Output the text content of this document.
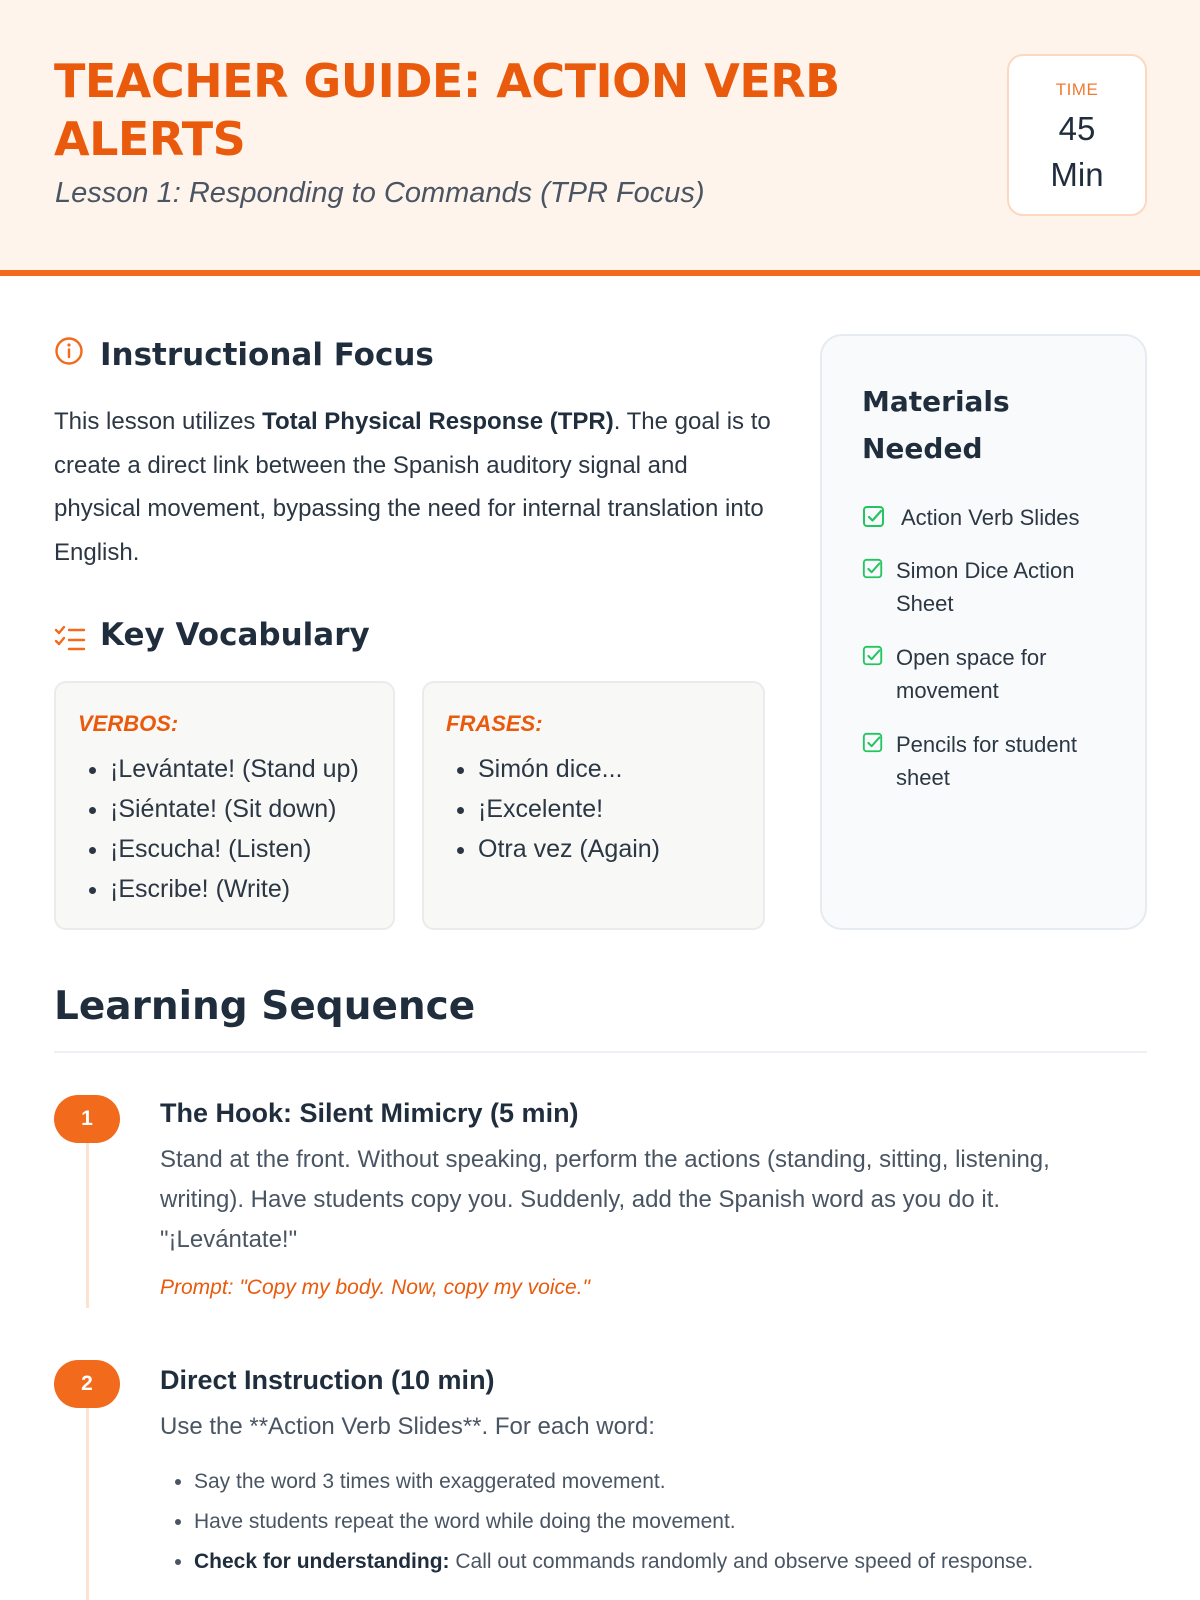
TEACHER GUIDE: ACTION VERB ALERTS

Lesson 1: Responding to Commands (TPR Focus)

TIME
45
Min
Instructional Focus

This lesson utilizes Total Physical Response (TPR). The goal is to create a direct link between the Spanish auditory signal and physical movement, bypassing the need for internal translation into English.

Key Vocabulary
VERBOS:
• ¡Levántate! (Stand up)
• ¡Siéntate! (Sit down)
• ¡Escucha! (Listen)
• ¡Escribe! (Write)
FRASES:
• Simón dice...
• ¡Excelente!
• Otra vez (Again)
Materials Needed
Action Verb Slides
Simon Dice Action Sheet
Open space for movement
Pencils for student sheet
Learning Sequence
1	The Hook: Silent Mimicry (5 min)

Stand at the front. Without speaking, perform the actions (standing, sitting, listening, writing). Have students copy you. Suddenly, add the Spanish word as you do it. "¡Levántate!"

Prompt: "Copy my body. Now, copy my voice."

2	Direct Instruction (10 min)

Use the **Action Verb Slides**. For each word:

• Say the word 3 times with exaggerated movement.
• Have students repeat the word while doing the movement.
• Check for understanding: Call out commands randomly and observe speed of response.
